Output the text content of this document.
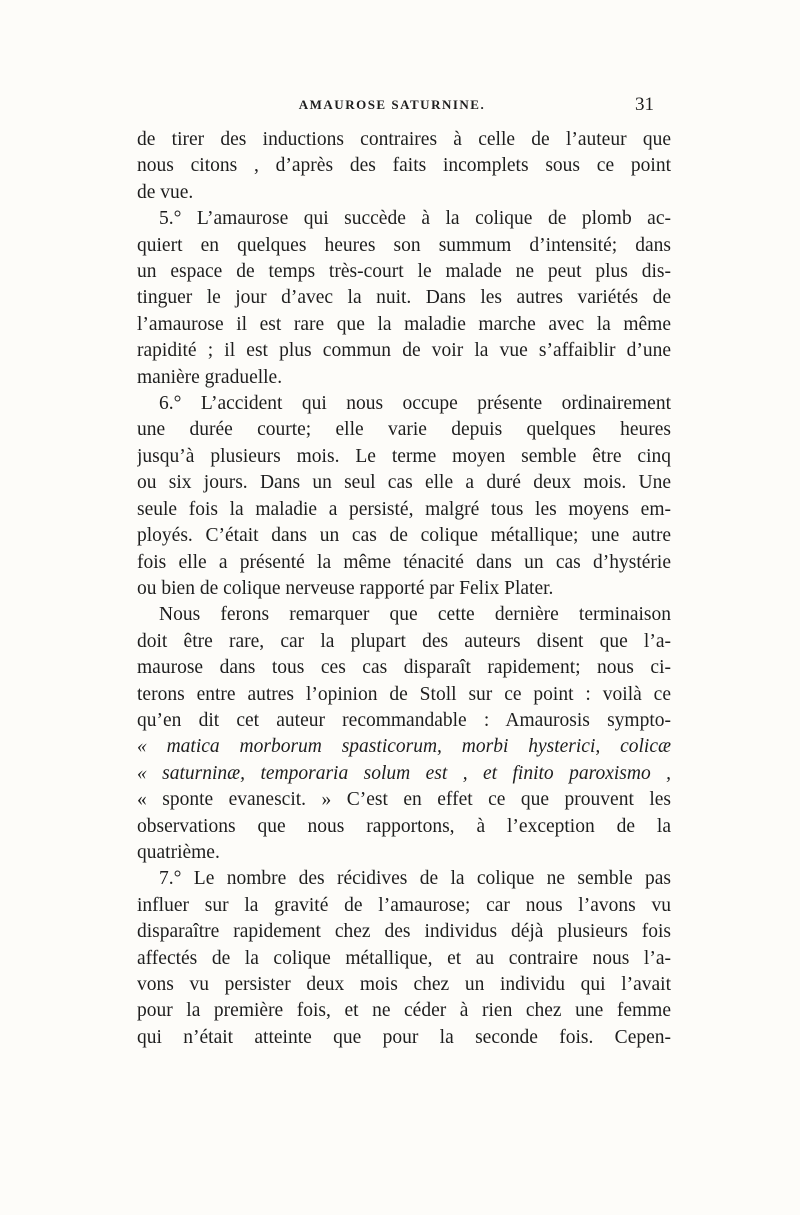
AMAUROSE SATURNINE.	31
de tirer des inductions contraires à celle de l’auteur que
nous citons , d’après des faits incomplets sous ce point
de vue.
5.° L’amaurose qui succède à la colique de plomb ac-
quiert en quelques heures son summum d’intensité; dans
un espace de temps très-court le malade ne peut plus dis-
tinguer le jour d’avec la nuit. Dans les autres variétés de
l’amaurose il est rare que la maladie marche avec la même
rapidité ; il est plus commun de voir la vue s’affaiblir d’une
manière graduelle.
6.° L’accident qui nous occupe présente ordinairement
une durée courte; elle varie depuis quelques heures
jusqu’à plusieurs mois. Le terme moyen semble être cinq
ou six jours. Dans un seul cas elle a duré deux mois. Une
seule fois la maladie a persisté, malgré tous les moyens em-
ployés. C’était dans un cas de colique métallique; une autre
fois elle a présenté la même ténacité dans un cas d’hystérie
ou bien de colique nerveuse rapporté par Felix Plater.
Nous ferons remarquer que cette dernière terminaison
doit être rare, car la plupart des auteurs disent que l’a-
maurose dans tous ces cas disparaît rapidement; nous ci-
terons entre autres l’opinion de Stoll sur ce point : voilà ce
qu’en dit cet auteur recommandable : Amaurosis sympto-
« matica morborum spasticorum, morbi hysterici, colicæ
« saturninæ, temporaria solum est , et finito paroxismo ,
« sponte evanescit. » C’est en effet ce que prouvent les
observations que nous rapportons, à l’exception de la
quatrième.
7.° Le nombre des récidives de la colique ne semble pas
influer sur la gravité de l’amaurose; car nous l’avons vu
disparaître rapidement chez des individus déjà plusieurs fois
affectés de la colique métallique, et au contraire nous l’a-
vons vu persister deux mois chez un individu qui l’avait
pour la première fois, et ne céder à rien chez une femme
qui n’était atteinte que pour la seconde fois. Cepen-
